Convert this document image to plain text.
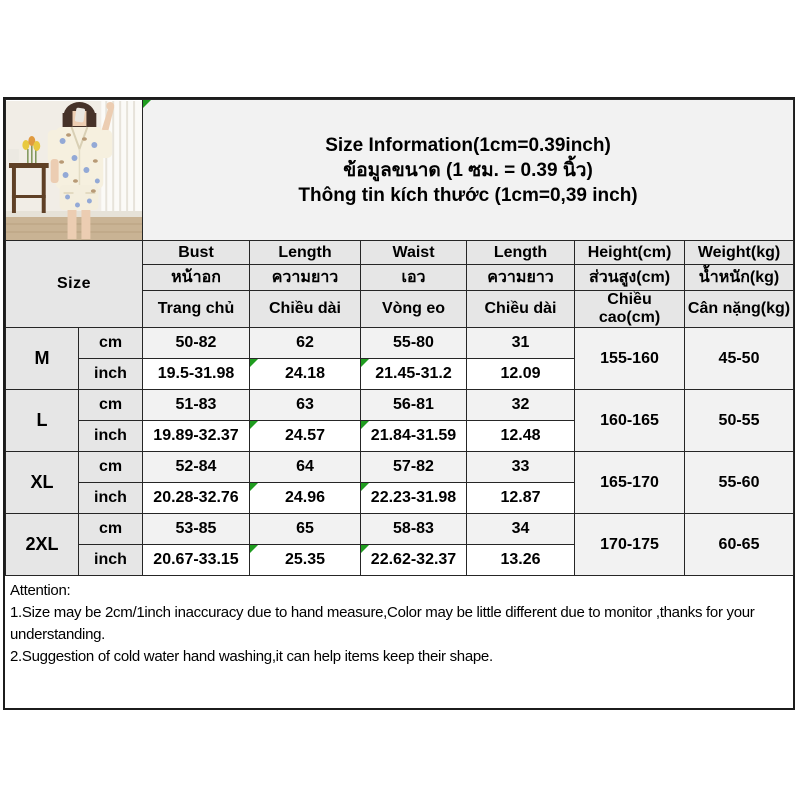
Size Information(1cm=0.39inch)
ข้อมูลขนาด (1 ซม. = 0.39 นิ้ว)
Thông tin kích thước (1cm=0,39 inch)					

Size		Bust	Length	Waist	Length	Height(cm)	Weight(kg)
		หน้าอก	ความยาว	เอว	ความยาว	ส่วนสูง(cm)	น้ำหนัก(kg)
		Trang chủ	Chiều dài	Vòng eo	Chiều dài	Chiều cao(cm)	Cân nặng(kg)
M	cm	50-82	62	55-80	31	155-160	45-50
	inch	19.5-31.98	24.18	21.45-31.2	12.09		
L	cm	51-83	63	56-81	32	160-165	50-55
	inch	19.89-32.37	24.57	21.84-31.59	12.48		
XL	cm	52-84	64	57-82	33	165-170	55-60
	inch	20.28-32.76	24.96	22.23-31.98	12.87		
2XL	cm	53-85	65	58-83	34	170-175	60-65
	inch	20.67-33.15	25.35	22.62-32.37	13.26		
Attention:
1.Size may be 2cm/1inch inaccuracy due to hand measure,Color may be little different due to monitor ,thanks for your understanding.
2.Suggestion of cold water hand washing,it can help items keep their shape.
